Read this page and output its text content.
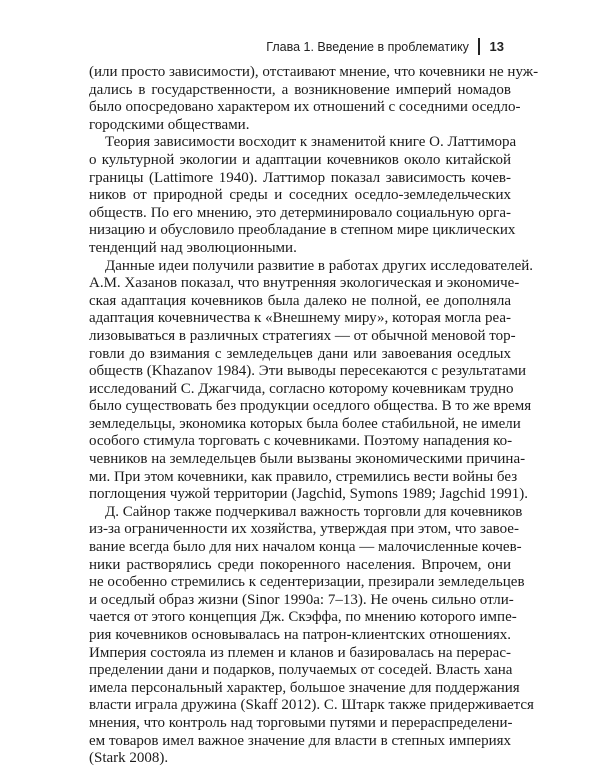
Глава 1. Введение в проблематику 13

(или просто зависимости), отстаивают мнение, что кочевники не нуж-
дались в государственности, а возникновение империй номадов
было опосредовано характером их отношений с соседними оседло-
городскими обществами.

Теория зависимости восходит к знаменитой книге О. Латтимора
о культурной экологии и адаптации кочевников около китайской
границы (Lattimore 1940). Латтимор показал зависимость кочев-
ников от природной среды и соседних оседло-земледельческих
обществ. По его мнению, это детерминировало социальную орга-
низацию и обусловило преобладание в степном мире циклических
тенденций над эволюционными.

Данные идеи получили развитие в работах других исследователей.
А.М. Хазанов показал, что внутренняя экологическая и экономиче-
ская адаптация кочевников была далеко не полной, ее дополняла
адаптация кочевничества к «Внешнему миру», которая могла реа-
лизовываться в различных стратегиях — от обычной меновой тор-
говли до взимания с земледельцев дани или завоевания оседлых
обществ (Khazanov 1984). Эти выводы пересекаются с результатами
исследований С. Джагчида, согласно которому кочевникам трудно
было существовать без продукции оседлого общества. В то же время
земледельцы, экономика которых была более стабильной, не имели
особого стимула торговать с кочевниками. Поэтому нападения ко-
чевников на земледельцев были вызваны экономическими причина-
ми. При этом кочевники, как правило, стремились вести войны без
поглощения чужой территории (Jagchid, Symons 1989; Jagchid 1991).

Д. Сайнор также подчеркивал важность торговли для кочевников
из-за ограниченности их хозяйства, утверждая при этом, что завое-
вание всегда было для них началом конца — малочисленные кочев-
ники растворялись среди покоренного населения. Впрочем, они
не особенно стремились к седентеризации, презирали земледельцев
и оседлый образ жизни (Sinor 1990a: 7–13). Не очень сильно отли-
чается от этого концепция Дж. Скэффа, по мнению которого импе-
рия кочевников основывалась на патрон-клиентских отношениях.
Империя состояла из племен и кланов и базировалась на перерас-
пределении дани и подарков, получаемых от соседей. Власть хана
имела персональный характер, большое значение для поддержания
власти играла дружина (Skaff 2012). С. Штарк также придерживается
мнения, что контроль над торговыми путями и перераспределени-
ем товаров имел важное значение для власти в степных империях
(Stark 2008).
